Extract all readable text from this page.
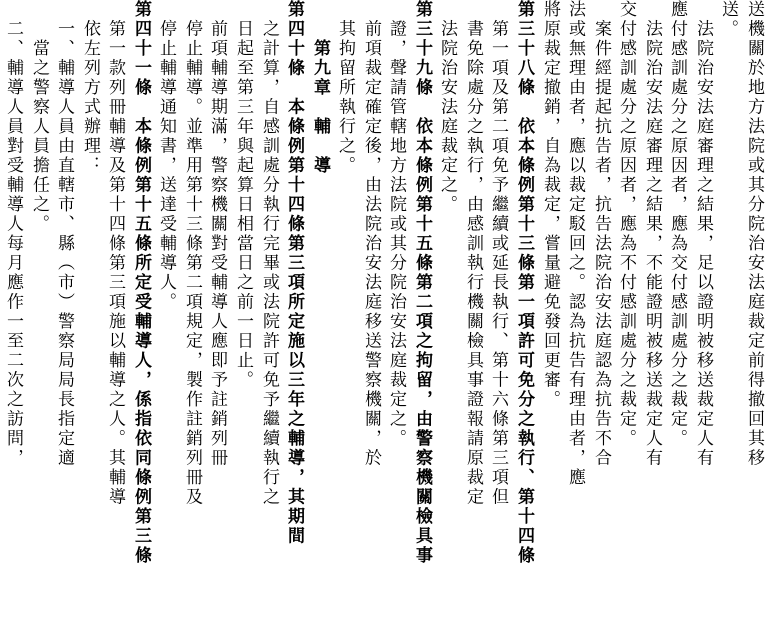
送機關於地方法院或其分院治安法庭裁定前得撤回其移
送。
　法院治安法庭審理之結果，足以證明被移送裁定人有
應付感訓處分之原因者，應為交付感訓處分之裁定。
　法院治安法庭審理之結果，不能證明被移送裁定人有
交付感訓處分之原因者，應為不付感訓處分之裁定。
　案件經提起抗告者，抗告法院治安法庭認為抗告不合
法或無理由者，應以裁定駁回之。認為抗告有理由者，應
將原裁定撤銷，自為裁定，嘗量避免發回更審。
第三十八條　依本條例第十三條第一項許可免分之執行、第十四條
　第一項及第二項免予繼續或延長執行、第十六條第三項但
　書免除處分之執行，由感訓執行機關檢具事證報請原裁定
　法院治安法庭裁定之。
第三十九條　依本條例第十五條第二項之拘留，由警察機關檢具事
　證，聲請管轄地方法院或其分院治安法庭裁定之。
　前項裁定確定後，由法院治安法庭移送警察機關，於
　其拘留所執行之。
　　第九章　輔　導
第四十條　本條例第十四條第三項所定施以三年之輔導，其期間
　之計算，自感訓處分執行完畢或法院許可免予繼續執行之
　日起至第三年與起算日相當日之前一日止。
　前項輔導期滿，警察機關對受輔導人應即予註銷列冊
　停止輔導。並準用第十三條第二項規定，製作註銷列冊及
　停止輔導通知書，送達受輔導人。
第四十一條　本條例第十五條所定受輔導人，係指依同條例第三條
　第一款列冊輔導及第十四條第三項施以輔導之人。其輔導
　依左列方式辦理：
　一、輔導人員由直轄市、縣（市）警察局局長指定適
　　當之警察人員擔任之。
　二、輔導人員對受輔導人每月應作一至二次之訪問，
